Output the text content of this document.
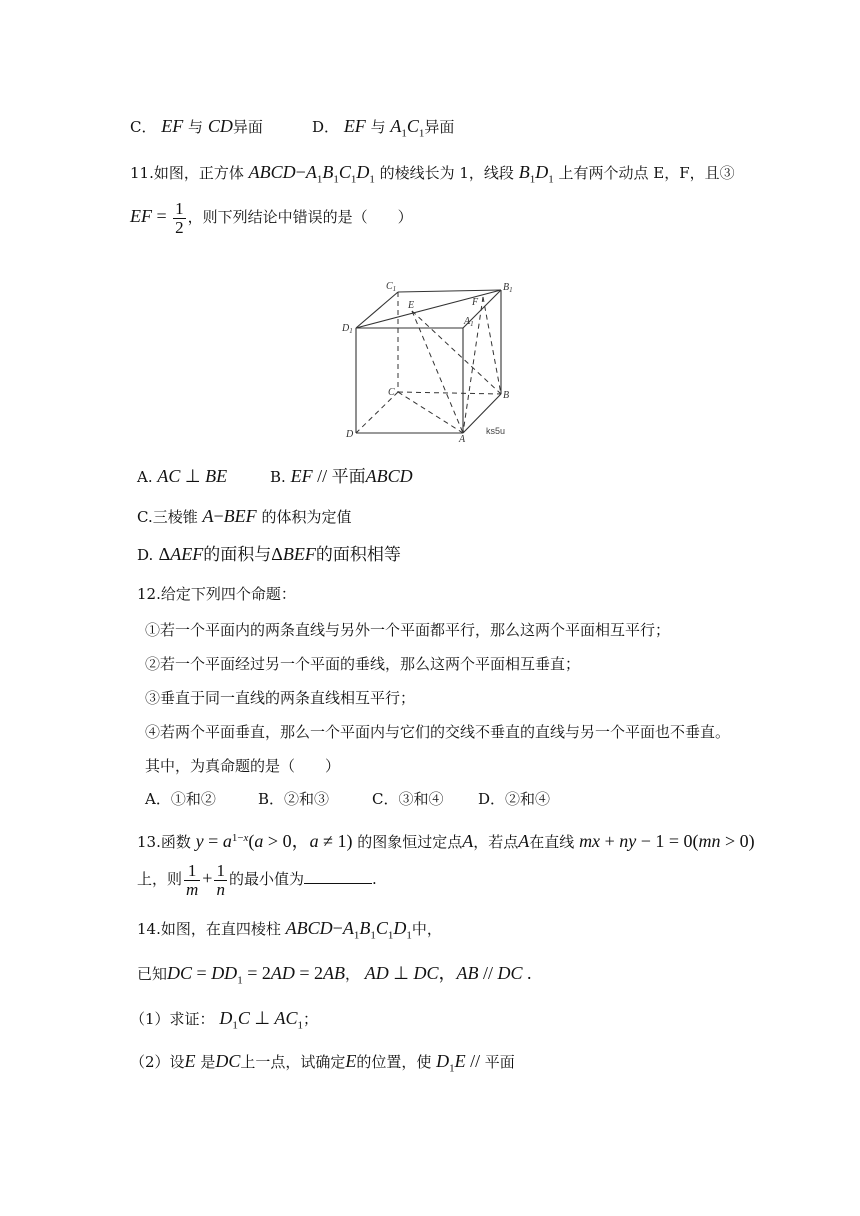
C． EF 与 CD异面	D． EF 与 $A_1C_1$异面
11.如图，正方体 $ABCD-A_1B_1C_1D_1$ 的棱线长为 1，线段 $B_1D_1$ 上有两个动点 E，F，且③
EF = $\frac{1}{2}$ ，则下列结论中错误的是（　　）
$C_1$	$B_1$
$D_1$
E	F
$A_1$
C	B
D	A
ks5u
A. AC ⊥ BE	B. EF // 平面ABCD
C.三棱锥 A−BEF 的体积为定值
D. ΔAEF的面积与ΔBEF的面积相等
12.给定下列四个命题：
①若一个平面内的两条直线与另外一个平面都平行，那么这两个平面相互平行；
②若一个平面经过另一个平面的垂线，那么这两个平面相互垂直；
③垂直于同一直线的两条直线相互平行；
④若两个平面垂直，那么一个平面内与它们的交线不垂直的直线与另一个平面也不垂直。
其中，为真命题的是（　　）
A．①和②	B．②和③	C．③和④ D．②和④
13.函数 $y = a^{1-x}(a > 0$，a ≠ 1) 的图象恒过定点A，若点A在直线 mx + ny − 1 = 0(mn > 0)
上，则 $\frac{1}{m} + \frac{1}{n}$ 的最小值为	.
14.如图，在直四棱柱 $ABCD-A_1B_1C_1D_1$中，
已知DC = $DD_1 = 2AD = 2AB$， AD ⊥ DC，AB // DC .
（1）求证： $D_1C$ ⊥ $AC_1$；
（2）设E 是DC上一点，试确定E的位置，使 $D_1E$ // 平面
